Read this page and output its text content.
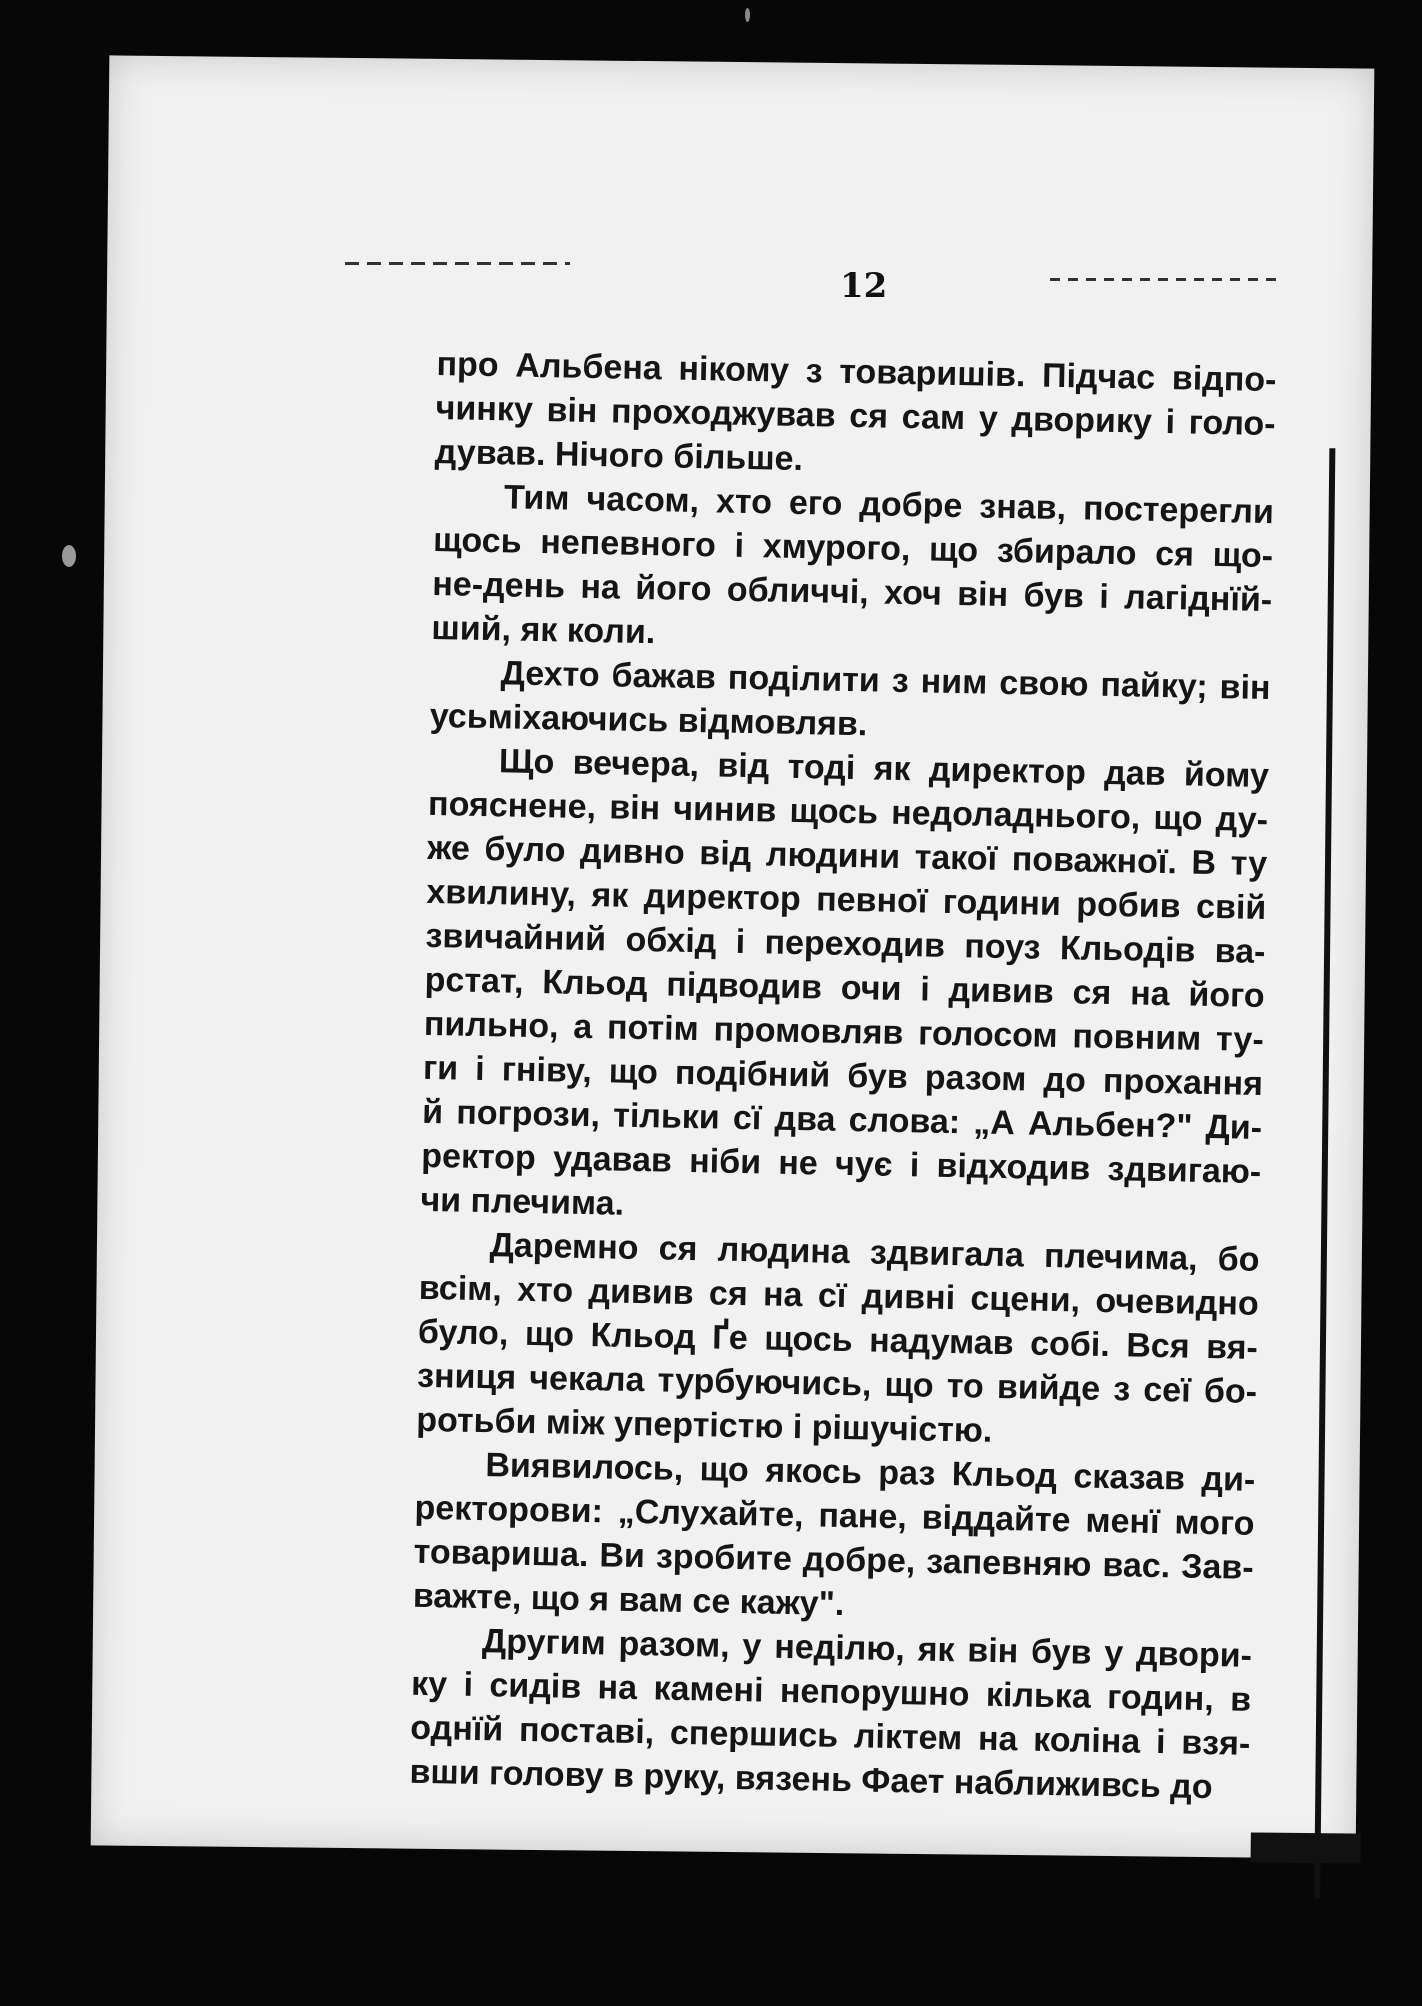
12
про Альбена нікому з товаришів. Підчас відпо-
чинку він проходжував ся сам у дворику і голо-
дував. Нічого більше.
Тим часом, хто его добре знав, постерегли
щось непевного і хмурого, що збирало ся що-
не-день на його обличчі, хоч він був і лагіднїй-
ший, як коли.
Дехто бажав поділити з ним свою пайку; він
усьміхаючись відмовляв.
Що вечера, від тоді як директор дав йому
пояснене, він чинив щось недоладнього, що ду-
же було дивно від людини такої поважної. В ту
хвилину, як директор певної години робив свій
звичайний обхід і переходив поуз Кльодів ва-
рстат, Кльод підводив очи і дивив ся на його
пильно, а потім промовляв голосом повним ту-
ги і гніву, що подібний був разом до прохання
й погрози, тільки сї два слова: „А Альбен?" Ди-
ректор удавав ніби не чує і відходив здвигаю-
чи плечима.
Даремно ся людина здвигала плечима, бо
всім, хто дивив ся на сї дивні сцени, очевидно
було, що Кльод Ґе щось надумав собі. Вся вя-
зниця чекала турбуючись, що то вийде з сеї бо-
ротьби між упертістю і рішучістю.
Виявилось, що якось раз Кльод сказав ди-
ректорови: „Слухайте, пане, віддайте менї мого
товариша. Ви зробите добре, запевняю вас. Зав-
важте, що я вам се кажу".
Другим разом, у неділю, як він був у двори-
ку і сидів на камені непорушно кілька годин, в
однїй поставі, спершись ліктем на коліна і взя-
вши голову в руку, вязень Фает наближивсь до
